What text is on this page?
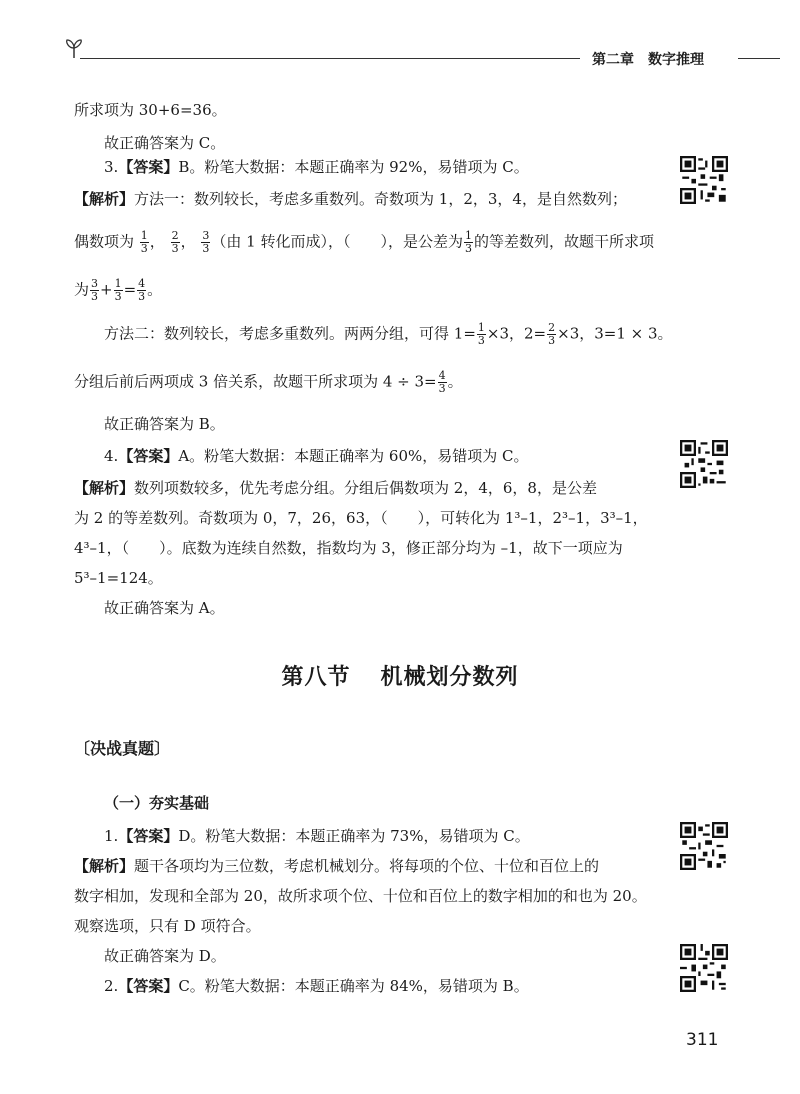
第二章 数字推理
所求项为 30+6=36。
故正确答案为 C。
3.【答案】B。粉笔大数据：本题正确率为 92%，易错项为 C。
【解析】方法一：数列较长，考虑多重数列。奇数项为 1，2，3，4，是自然数列；
偶数项为 $\frac{1}{3}$ ， $\frac{2}{3}$ ， $\frac{3}{3}$ （由 1 转化而成），（　　），是公差为 $\frac{1}{3}$ 的等差数列，故题干所求项
为 $\frac{3}{3} + \frac{1}{3} = \frac{4}{3}$ 。
方法二：数列较长，考虑多重数列。两两分组，可得 $1= \frac{1}{3} \times 3$，$2= \frac{2}{3} \times 3$，3=1 × 3。
分组后前后两项成 3 倍关系，故题干所求项为 $4 \div 3= \frac{4}{3}$ 。
故正确答案为 B。
4.【答案】A。粉笔大数据：本题正确率为 60%，易错项为 C。
【解析】数列项数较多，优先考虑分组。分组后偶数项为 2，4，6，8，是公差
为 2 的等差数列。奇数项为 0，7，26，63，（　　），可转化为 1³–1，2³–1，3³–1，
4³–1，（　　）。底数为连续自然数，指数均为 3，修正部分均为 –1，故下一项应为
5³–1=124。
故正确答案为 A。
第八节 机械划分数列
〔决战真题〕
（一）夯实基础
1.【答案】D。粉笔大数据：本题正确率为 73%，易错项为 C。
【解析】题干各项均为三位数，考虑机械划分。将每项的个位、十位和百位上的
数字相加，发现和全部为 20，故所求项个位、十位和百位上的数字相加的和也为 20。
观察选项，只有 D 项符合。
故正确答案为 D。
2.【答案】C。粉笔大数据：本题正确率为 84%，易错项为 B。
311
